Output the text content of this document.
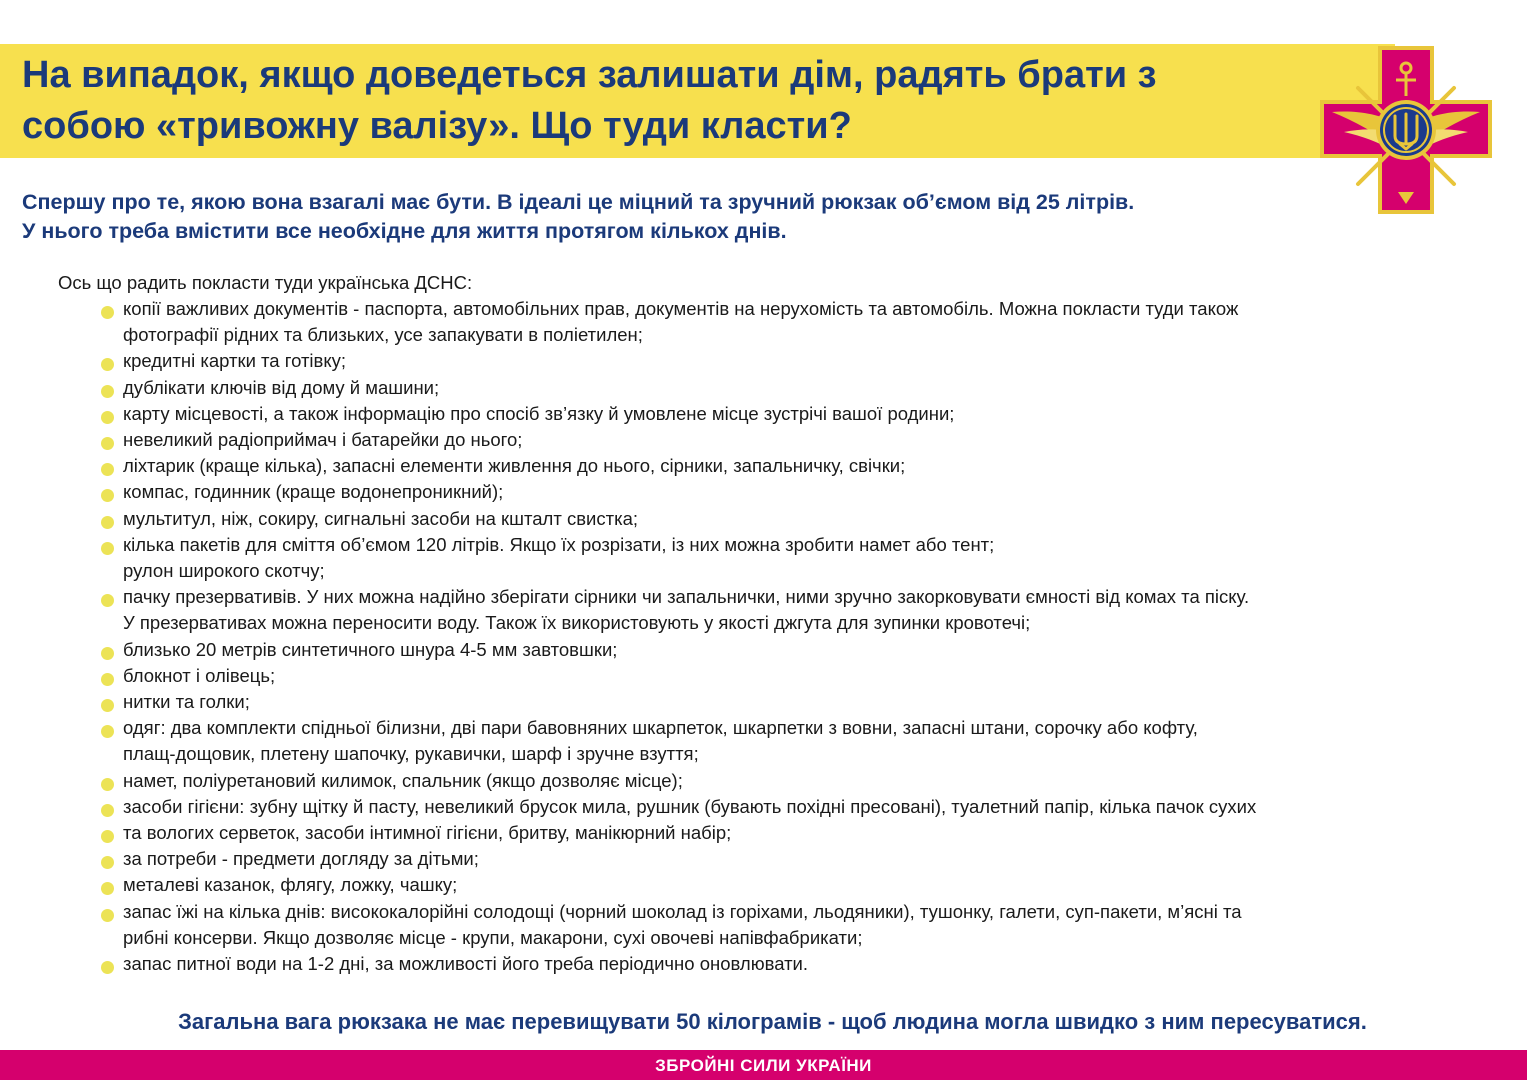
На випадок, якщо доведеться залишати дім, радять брати з собою «тривожну валізу». Що туди класти?

Спершу про те, якою вона взагалі має бути. В ідеалі це міцний та зручний рюкзак об’ємом від 25 літрів.
У нього треба вмістити все необхідне для життя протягом кількох днів.

Ось що радить покласти туди українська ДСНС:

копії важливих документів - паспорта, автомобільних прав, документів на нерухомість та автомобіль. Можна покласти туди також
фотографії рідних та близьких, усе запакувати в поліетилен;
кредитні картки та готівку;
дублікати ключів від дому й машини;
карту місцевості, а також інформацію про спосіб зв’язку й умовлене місце зустрічі вашої родини;
невеликий радіоприймач і батарейки до нього;
ліхтарик (краще кілька), запасні елементи живлення до нього, сірники, запальничку, свічки;
компас, годинник (краще водонепроникний);
мультитул, ніж, сокиру, сигнальні засоби на кшталт свистка;
кілька пакетів для сміття об’ємом 120 літрів. Якщо їх розрізати, із них можна зробити намет або тент;
рулон широкого скотчу;
пачку презервативів. У них можна надійно зберігати сірники чи запальнички, ними зручно закорковувати ємності від комах та піску.
У презервативах можна переносити воду. Також їх використовують у якості джгута для зупинки кровотечі;
близько 20 метрів синтетичного шнура 4-5 мм завтовшки;
блокнот і олівець;
нитки та голки;
одяг: два комплекти спідньої білизни, дві пари бавовняних шкарпеток, шкарпетки з вовни, запасні штани, сорочку або кофту,
плащ-дощовик, плетену шапочку, рукавички, шарф і зручне взуття;
намет, поліуретановий килимок, спальник (якщо дозволяє місце);
засоби гігієни: зубну щітку й пасту, невеликий брусок мила, рушник (бувають похідні пресовані), туалетний папір, кілька пачок сухих
та вологих серветок, засоби інтимної гігієни, бритву, манікюрний набір;
за потреби - предмети догляду за дітьми;
металеві казанок, флягу, ложку, чашку;
запас їжі на кілька днів: висококалорійні солодощі (чорний шоколад із горіхами, льодяники), тушонку, галети, суп-пакети, м’ясні та
рибні консерви. Якщо дозволяє місце - крупи, макарони, сухі овочеві напівфабрикати;
запас питної води на 1-2 дні, за можливості його треба періодично оновлювати.

Загальна вага рюкзака не має перевищувати 50 кілограмів - щоб людина могла швидко з ним пересуватися.

ЗБРОЙНІ СИЛИ УКРАЇНИ
